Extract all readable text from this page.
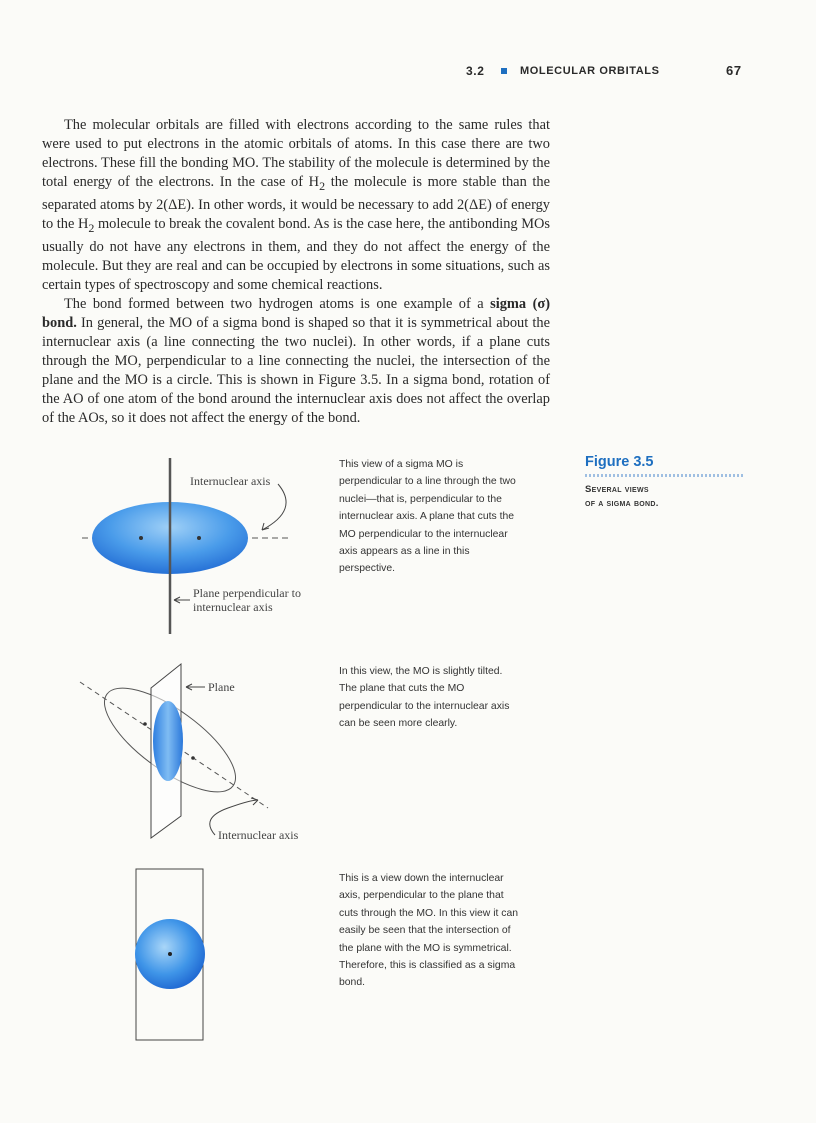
3.2	MOLECULAR ORBITALS	67

The molecular orbitals are filled with electrons according to the same rules that were used to put electrons in the atomic orbitals of atoms. In this case there are two electrons. These fill the bonding MO. The stability of the molecule is determined by the total energy of the electrons. In the case of $H_2$ the molecule is more stable than the separated atoms by 2(ΔE). In other words, it would be necessary to add 2(ΔE) of energy to the $H_2$ molecule to break the covalent bond. As is the case here, the antibonding MOs usually do not have any electrons in them, and they do not affect the energy of the molecule. But they are real and can be occupied by electrons in some situations, such as certain types of spectroscopy and some chemical reactions.

The bond formed between two hydrogen atoms is one example of a sigma (σ) bond. In general, the MO of a sigma bond is shaped so that it is symmetrical about the internuclear axis (a line connecting the two nuclei). In other words, if a plane cuts through the MO, perpendicular to a line connecting the nuclei, the intersection of the plane and the MO is a circle. This is shown in Figure 3.5. In a sigma bond, rotation of the AO of one atom of the bond around the internuclear axis does not affect the overlap of the AOs, so it does not affect the energy of the bond.

Figure 3.5
Several views
of a sigma bond.
This view of a sigma MO is perpendicular to a line through the two nuclei—that is, perpendicular to the internuclear axis. A plane that cuts the MO perpendicular to the internuclear axis appears as a line in this perspective.
In this view, the MO is slightly tilted. The plane that cuts the MO perpendicular to the internuclear axis can be seen more clearly.
This is a view down the internuclear axis, perpendicular to the plane that cuts through the MO. In this view it can easily be seen that the intersection of the plane with the MO is symmetrical. Therefore, this is classified as a sigma bond.
Internuclear axis
Plane perpendicular to
internuclear axis
Plane
Internuclear axis
